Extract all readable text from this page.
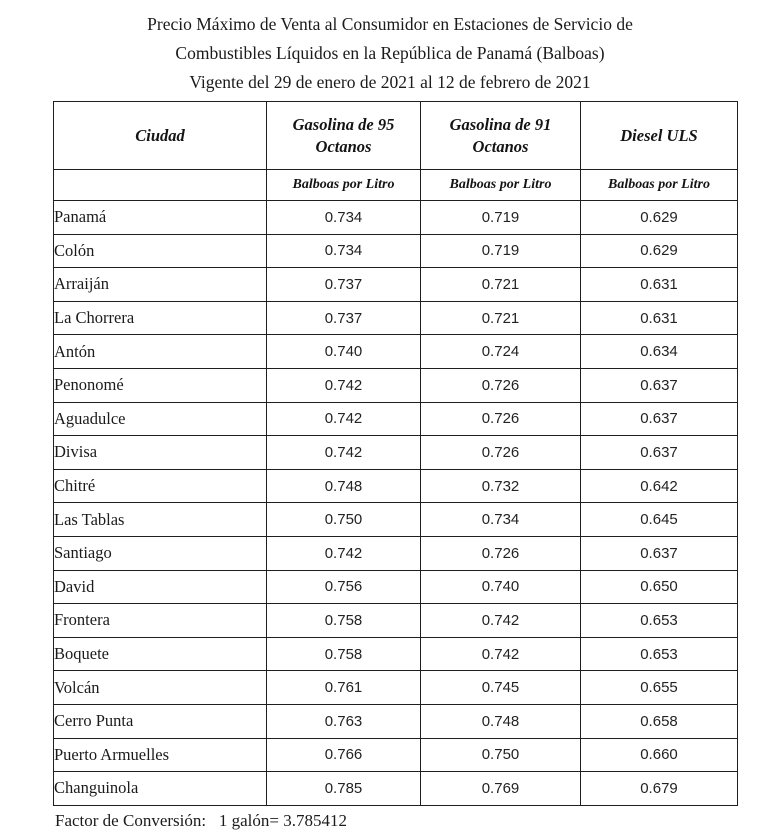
Precio Máximo de Venta al Consumidor en Estaciones de Servicio de
Combustibles Líquidos en la República de Panamá (Balboas)
Vigente del 29 de enero de 2021 al 12 de febrero de 2021
Ciudad	Gasolina de 95 Octanos	Gasolina de 91 Octanos	Diesel ULS
	Balboas por Litro	Balboas por Litro	Balboas por Litro
Panamá	0.734	0.719	0.629
Colón	0.734	0.719	0.629
Arraiján	0.737	0.721	0.631
La Chorrera	0.737	0.721	0.631
Antón	0.740	0.724	0.634
Penonomé	0.742	0.726	0.637
Aguadulce	0.742	0.726	0.637
Divisa	0.742	0.726	0.637
Chitré	0.748	0.732	0.642
Las Tablas	0.750	0.734	0.645
Santiago	0.742	0.726	0.637
David	0.756	0.740	0.650
Frontera	0.758	0.742	0.653
Boquete	0.758	0.742	0.653
Volcán	0.761	0.745	0.655
Cerro Punta	0.763	0.748	0.658
Puerto Armuelles	0.766	0.750	0.660
Changuinola	0.785	0.769	0.679
Factor de Conversión: 1 galón= 3.785412
